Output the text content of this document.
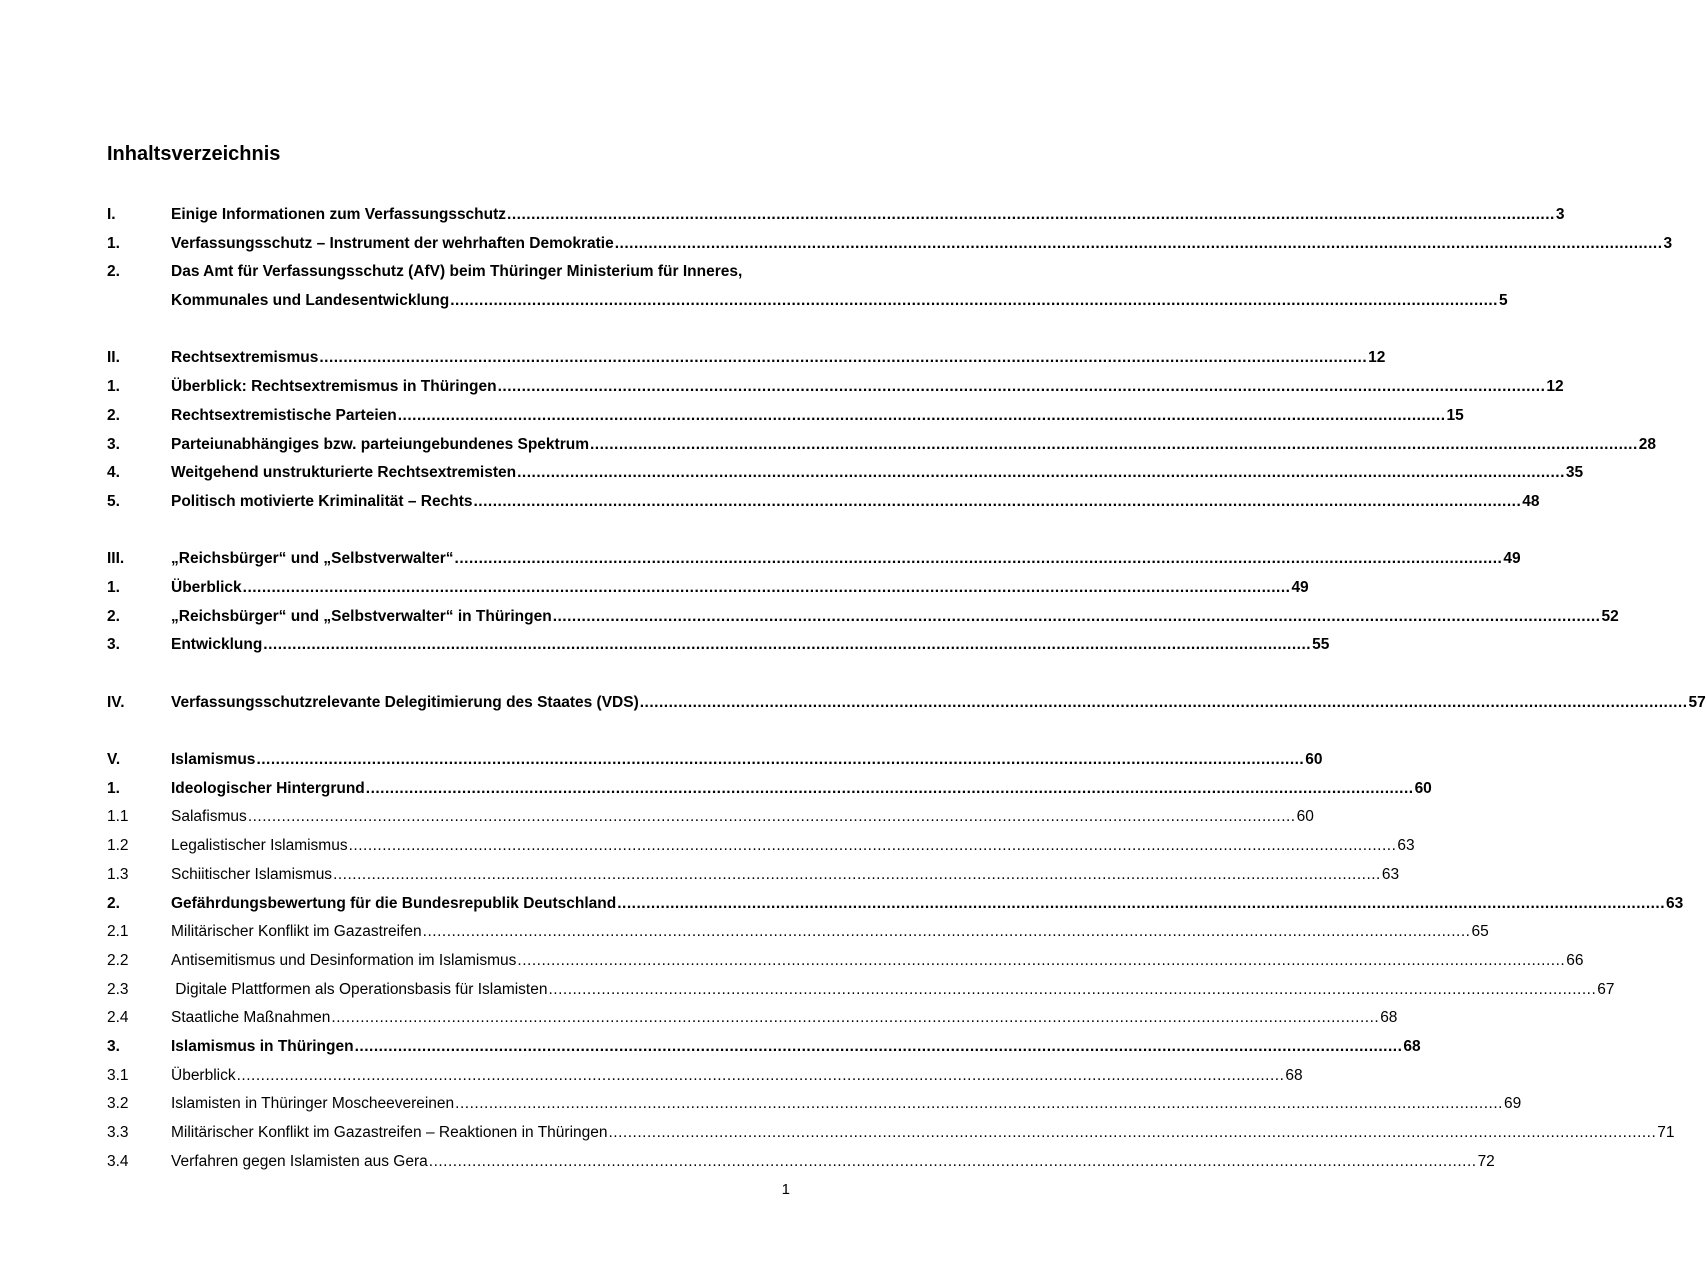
Inhaltsverzeichnis
I.	Einige Informationen zum Verfassungsschutz .......................................................................................................................................................................................................................... 3
1.	Verfassungsschutz – Instrument der wehrhaften Demokratie .......................................................................................................................................................................................................................... 3
2.	Das Amt für Verfassungsschutz (AfV) beim Thüringer Ministerium für Inneres,
Kommunales und Landesentwicklung .......................................................................................................................................................................................................................... 5
II.	Rechtsextremismus .......................................................................................................................................................................................................................... 12
1.	Überblick: Rechtsextremismus in Thüringen .......................................................................................................................................................................................................................... 12
2.	Rechtsextremistische Parteien .......................................................................................................................................................................................................................... 15
3.	Parteiunabhängiges bzw. parteiungebundenes Spektrum .......................................................................................................................................................................................................................... 28
4.	Weitgehend unstrukturierte Rechtsextremisten .......................................................................................................................................................................................................................... 35
5.	Politisch motivierte Kriminalität – Rechts .......................................................................................................................................................................................................................... 48
III.	„Reichsbürger“ und „Selbstverwalter“ .......................................................................................................................................................................................................................... 49
1.	Überblick .......................................................................................................................................................................................................................... 49
2.	„Reichsbürger“ und „Selbstverwalter“ in Thüringen .......................................................................................................................................................................................................................... 52
3.	Entwicklung .......................................................................................................................................................................................................................... 55
IV.	Verfassungsschutzrelevante Delegitimierung des Staates (VDS) .......................................................................................................................................................................................................................... 57
V.	Islamismus .......................................................................................................................................................................................................................... 60
1.	Ideologischer Hintergrund .......................................................................................................................................................................................................................... 60
1.1	Salafismus .......................................................................................................................................................................................................................... 60
1.2	Legalistischer Islamismus .......................................................................................................................................................................................................................... 63
1.3	Schiitischer Islamismus .......................................................................................................................................................................................................................... 63
2.	Gefährdungsbewertung für die Bundesrepublik Deutschland .......................................................................................................................................................................................................................... 63
2.1	Militärischer Konflikt im Gazastreifen .......................................................................................................................................................................................................................... 65
2.2	Antisemitismus und Desinformation im Islamismus .......................................................................................................................................................................................................................... 66
2.3	Digitale Plattformen als Operationsbasis für Islamisten .......................................................................................................................................................................................................................... 67
2.4	Staatliche Maßnahmen .......................................................................................................................................................................................................................... 68
3.	Islamismus in Thüringen .......................................................................................................................................................................................................................... 68
3.1	Überblick .......................................................................................................................................................................................................................... 68
3.2	Islamisten in Thüringer Moscheevereinen .......................................................................................................................................................................................................................... 69
3.3	Militärischer Konflikt im Gazastreifen – Reaktionen in Thüringen .......................................................................................................................................................................................................................... 71
3.4	Verfahren gegen Islamisten aus Gera .......................................................................................................................................................................................................................... 72
1
